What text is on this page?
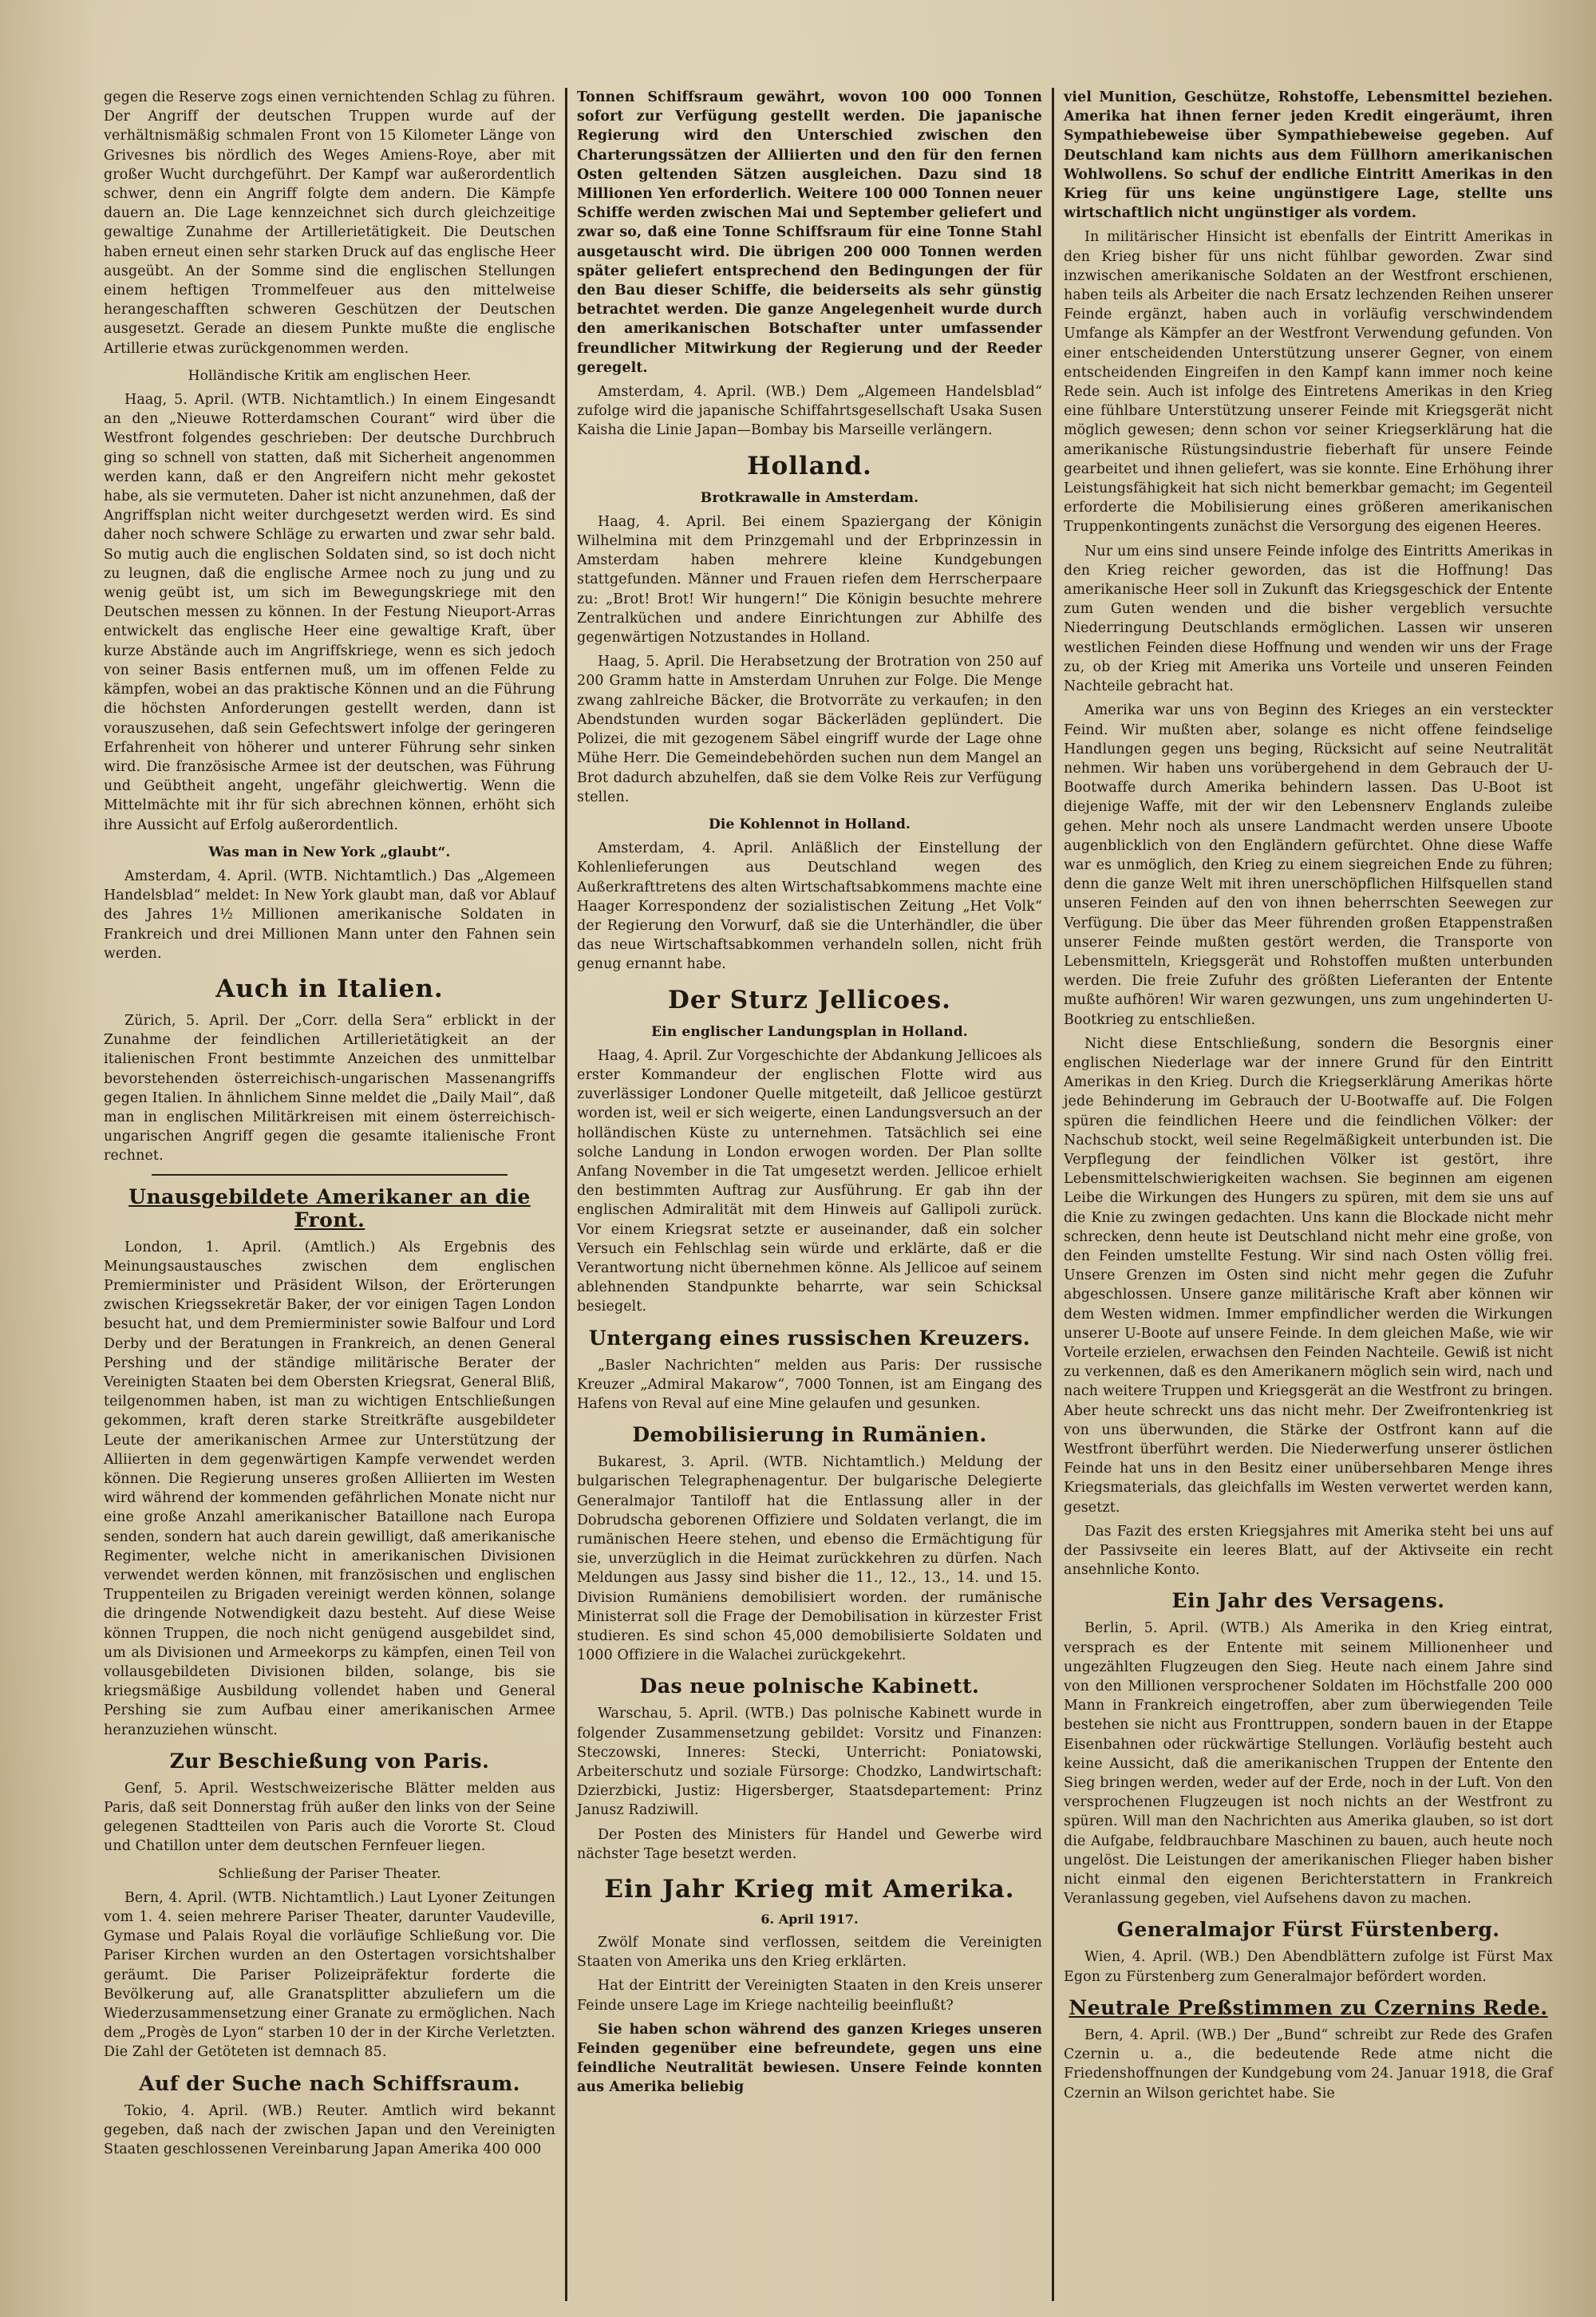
gegen die Reserve zogs einen vernichtenden Schlag zu führen. Der Angriff der deutschen Truppen wurde auf der verhältnismäßig schmalen Front von 15 Kilometer Länge von Grivesnes bis nördlich des Weges Amiens-Roye, aber mit großer Wucht durchgeführt. Der Kampf war außerordentlich schwer, denn ein Angriff folgte dem andern. Die Kämpfe dauern an. Die Lage kennzeichnet sich durch gleichzeitige gewaltige Zunahme der Artillerietätigkeit. Die Deutschen haben erneut einen sehr starken Druck auf das englische Heer ausgeübt. An der Somme sind die englischen Stellungen einem heftigen Trommelfeuer aus den mittelweise herangeschafften schweren Geschützen der Deutschen ausgesetzt. Gerade an diesem Punkte mußte die englische Artillerie etwas zurückgenommen werden.

Holländische Kritik am englischen Heer.

Haag, 5. April. (WTB. Nichtamtlich.) In einem Eingesandt an den „Nieuwe Rotterdamschen Courant“ wird über die Westfront folgendes geschrieben: Der deutsche Durchbruch ging so schnell von statten, daß mit Sicherheit angenommen werden kann, daß er den Angreifern nicht mehr gekostet habe, als sie vermuteten. Daher ist nicht anzunehmen, daß der Angriffsplan nicht weiter durchgesetzt werden wird. Es sind daher noch schwere Schläge zu erwarten und zwar sehr bald. So mutig auch die englischen Soldaten sind, so ist doch nicht zu leugnen, daß die englische Armee noch zu jung und zu wenig geübt ist, um sich im Bewegungskriege mit den Deutschen messen zu können. In der Festung Nieuport-Arras entwickelt das englische Heer eine gewaltige Kraft, über kurze Abstände auch im Angriffskriege, wenn es sich jedoch von seiner Basis entfernen muß, um im offenen Felde zu kämpfen, wobei an das praktische Können und an die Führung die höchsten Anforderungen gestellt werden, dann ist vorauszusehen, daß sein Gefechtswert infolge der geringeren Erfahrenheit von höherer und unterer Führung sehr sinken wird. Die französische Armee ist der deutschen, was Führung und Geübtheit angeht, ungefähr gleichwertig. Wenn die Mittelmächte mit ihr für sich abrechnen können, erhöht sich ihre Aussicht auf Erfolg außerordentlich.

Was man in New York „glaubt“.

Amsterdam, 4. April. (WTB. Nichtamtlich.) Das „Algemeen Handelsblad“ meldet: In New York glaubt man, daß vor Ablauf des Jahres 1½ Millionen amerikanische Soldaten in Frankreich und drei Millionen Mann unter den Fahnen sein werden.

Auch in Italien.

Zürich, 5. April. Der „Corr. della Sera“ erblickt in der Zunahme der feindlichen Artillerietätigkeit an der italienischen Front bestimmte Anzeichen des unmittelbar bevorstehenden österreichisch-ungarischen Massenangriffs gegen Italien. In ähnlichem Sinne meldet die „Daily Mail“, daß man in englischen Militärkreisen mit einem österreichisch-ungarischen Angriff gegen die gesamte italienische Front rechnet.

Unausgebildete Amerikaner an die Front.

London, 1. April. (Amtlich.) Als Ergebnis des Meinungsaustausches zwischen dem englischen Premierminister und Präsident Wilson, der Erörterungen zwischen Kriegssekretär Baker, der vor einigen Tagen London besucht hat, und dem Premierminister sowie Balfour und Lord Derby und der Beratungen in Frankreich, an denen General Pershing und der ständige militärische Berater der Vereinigten Staaten bei dem Obersten Kriegsrat, General Bliß, teilgenommen haben, ist man zu wichtigen Entschließungen gekommen, kraft deren starke Streitkräfte ausgebildeter Leute der amerikanischen Armee zur Unterstützung der Alliierten in dem gegenwärtigen Kampfe verwendet werden können. Die Regierung unseres großen Alliierten im Westen wird während der kommenden gefährlichen Monate nicht nur eine große Anzahl amerikanischer Bataillone nach Europa senden, sondern hat auch darein gewilligt, daß amerikanische Regimenter, welche nicht in amerikanischen Divisionen verwendet werden können, mit französischen und englischen Truppenteilen zu Brigaden vereinigt werden können, solange die dringende Notwendigkeit dazu besteht. Auf diese Weise können Truppen, die noch nicht genügend ausgebildet sind, um als Divisionen und Armeekorps zu kämpfen, einen Teil von vollausgebildeten Divisionen bilden, solange, bis sie kriegsmäßige Ausbildung vollendet haben und General Pershing sie zum Aufbau einer amerikanischen Armee heranzuziehen wünscht.

Zur Beschießung von Paris.

Genf, 5. April. Westschweizerische Blätter melden aus Paris, daß seit Donnerstag früh außer den links von der Seine gelegenen Stadtteilen von Paris auch die Vororte St. Cloud und Chatillon unter dem deutschen Fernfeuer liegen.

Schließung der Pariser Theater.

Bern, 4. April. (WTB. Nichtamtlich.) Laut Lyoner Zeitungen vom 1. 4. seien mehrere Pariser Theater, darunter Vaudeville, Gymase und Palais Royal die vorläufige Schließung vor. Die Pariser Kirchen wurden an den Ostertagen vorsichtshalber geräumt. Die Pariser Polizeipräfektur forderte die Bevölkerung auf, alle Granatsplitter abzuliefern um die Wiederzusammensetzung einer Granate zu ermöglichen. Nach dem „Progès de Lyon“ starben 10 der in der Kirche Verletzten. Die Zahl der Getöteten ist demnach 85.

Auf der Suche nach Schiffsraum.

Tokio, 4. April. (WB.) Reuter. Amtlich wird bekannt gegeben, daß nach der zwischen Japan und den Vereinigten Staaten geschlossenen Vereinbarung Japan Amerika 400 000

Tonnen Schiffsraum gewährt, wovon 100 000 Tonnen sofort zur Verfügung gestellt werden. Die japanische Regierung wird den Unterschied zwischen den Charterungssätzen der Alliierten und den für den fernen Osten geltenden Sätzen ausgleichen. Dazu sind 18 Millionen Yen erforderlich. Weitere 100 000 Tonnen neuer Schiffe werden zwischen Mai und September geliefert und zwar so, daß eine Tonne Schiffsraum für eine Tonne Stahl ausgetauscht wird. Die übrigen 200 000 Tonnen werden später geliefert entsprechend den Bedingungen der für den Bau dieser Schiffe, die beiderseits als sehr günstig betrachtet werden. Die ganze Angelegenheit wurde durch den amerikanischen Botschafter unter umfassender freundlicher Mitwirkung der Regierung und der Reeder geregelt.

Amsterdam, 4. April. (WB.) Dem „Algemeen Handelsblad“ zufolge wird die japanische Schiffahrtsgesellschaft Usaka Susen Kaisha die Linie Japan—Bombay bis Marseille verlängern.

Holland.

Brotkrawalle in Amsterdam.

Haag, 4. April. Bei einem Spaziergang der Königin Wilhelmina mit dem Prinzgemahl und der Erbprinzessin in Amsterdam haben mehrere kleine Kundgebungen stattgefunden. Männer und Frauen riefen dem Herrscherpaare zu: „Brot! Brot! Wir hungern!“ Die Königin besuchte mehrere Zentralküchen und andere Einrichtungen zur Abhilfe des gegenwärtigen Notzustandes in Holland.

Haag, 5. April. Die Herabsetzung der Brotration von 250 auf 200 Gramm hatte in Amsterdam Unruhen zur Folge. Die Menge zwang zahlreiche Bäcker, die Brotvorräte zu verkaufen; in den Abendstunden wurden sogar Bäckerläden geplündert. Die Polizei, die mit gezogenem Säbel eingriff wurde der Lage ohne Mühe Herr. Die Gemeindebehörden suchen nun dem Mangel an Brot dadurch abzuhelfen, daß sie dem Volke Reis zur Verfügung stellen.

Die Kohlennot in Holland.

Amsterdam, 4. April. Anläßlich der Einstellung der Kohlenlieferungen aus Deutschland wegen des Außerkrafttretens des alten Wirtschaftsabkommens machte eine Haager Korrespondenz der sozialistischen Zeitung „Het Volk“ der Regierung den Vorwurf, daß sie die Unterhändler, die über das neue Wirtschaftsabkommen verhandeln sollen, nicht früh genug ernannt habe.

Der Sturz Jellicoes.

Ein englischer Landungsplan in Holland.

Haag, 4. April. Zur Vorgeschichte der Abdankung Jellicoes als erster Kommandeur der englischen Flotte wird aus zuverlässiger Londoner Quelle mitgeteilt, daß Jellicoe gestürzt worden ist, weil er sich weigerte, einen Landungsversuch an der holländischen Küste zu unternehmen. Tatsächlich sei eine solche Landung in London erwogen worden. Der Plan sollte Anfang November in die Tat umgesetzt werden. Jellicoe erhielt den bestimmten Auftrag zur Ausführung. Er gab ihn der englischen Admiralität mit dem Hinweis auf Gallipoli zurück. Vor einem Kriegsrat setzte er auseinander, daß ein solcher Versuch ein Fehlschlag sein würde und erklärte, daß er die Verantwortung nicht übernehmen könne. Als Jellicoe auf seinem ablehnenden Standpunkte beharrte, war sein Schicksal besiegelt.

Untergang eines russischen Kreuzers.

„Basler Nachrichten“ melden aus Paris: Der russische Kreuzer „Admiral Makarow“, 7000 Tonnen, ist am Eingang des Hafens von Reval auf eine Mine gelaufen und gesunken.

Demobilisierung in Rumänien.

Bukarest, 3. April. (WTB. Nichtamtlich.) Meldung der bulgarischen Telegraphenagentur. Der bulgarische Delegierte Generalmajor Tantiloff hat die Entlassung aller in der Dobrudscha geborenen Offiziere und Soldaten verlangt, die im rumänischen Heere stehen, und ebenso die Ermächtigung für sie, unverzüglich in die Heimat zurückkehren zu dürfen. Nach Meldungen aus Jassy sind bisher die 11., 12., 13., 14. und 15. Division Rumäniens demobilisiert worden. der rumänische Ministerrat soll die Frage der Demobilisation in kürzester Frist studieren. Es sind schon 45,000 demobilisierte Soldaten und 1000 Offiziere in die Walachei zurückgekehrt.

Das neue polnische Kabinett.

Warschau, 5. April. (WTB.) Das polnische Kabinett wurde in folgender Zusammensetzung gebildet: Vorsitz und Finanzen: Steczowski, Inneres: Stecki, Unterricht: Poniatowski, Arbeiterschutz und soziale Fürsorge: Chodzko, Landwirtschaft: Dzierzbicki, Justiz: Higersberger, Staatsdepartement: Prinz Janusz Radziwill.

Der Posten des Ministers für Handel und Gewerbe wird nächster Tage besetzt werden.

Ein Jahr Krieg mit Amerika.
6. April 1917.

Zwölf Monate sind verflossen, seitdem die Vereinigten Staaten von Amerika uns den Krieg erklärten.

Hat der Eintritt der Vereinigten Staaten in den Kreis unserer Feinde unsere Lage im Kriege nachteilig beeinflußt?

Sie haben schon während des ganzen Krieges unseren Feinden gegenüber eine befreundete, gegen uns eine feindliche Neutralität bewiesen. Unsere Feinde konnten aus Amerika beliebig

viel Munition, Geschütze, Rohstoffe, Lebensmittel beziehen. Amerika hat ihnen ferner jeden Kredit eingeräumt, ihren Sympathiebeweise über Sympathiebeweise gegeben. Auf Deutschland kam nichts aus dem Füllhorn amerikanischen Wohlwollens. So schuf der endliche Eintritt Amerikas in den Krieg für uns keine ungünstigere Lage, stellte uns wirtschaftlich nicht ungünstiger als vordem.

In militärischer Hinsicht ist ebenfalls der Eintritt Amerikas in den Krieg bisher für uns nicht fühlbar geworden. Zwar sind inzwischen amerikanische Soldaten an der Westfront erschienen, haben teils als Arbeiter die nach Ersatz lechzenden Reihen unserer Feinde ergänzt, haben auch in vorläufig verschwindendem Umfange als Kämpfer an der Westfront Verwendung gefunden. Von einer entscheidenden Unterstützung unserer Gegner, von einem entscheidenden Eingreifen in den Kampf kann immer noch keine Rede sein. Auch ist infolge des Eintretens Amerikas in den Krieg eine fühlbare Unterstützung unserer Feinde mit Kriegsgerät nicht möglich gewesen; denn schon vor seiner Kriegserklärung hat die amerikanische Rüstungsindustrie fieberhaft für unsere Feinde gearbeitet und ihnen geliefert, was sie konnte. Eine Erhöhung ihrer Leistungsfähigkeit hat sich nicht bemerkbar gemacht; im Gegenteil erforderte die Mobilisierung eines größeren amerikanischen Truppenkontingents zunächst die Versorgung des eigenen Heeres.

Nur um eins sind unsere Feinde infolge des Eintritts Amerikas in den Krieg reicher geworden, das ist die Hoffnung! Das amerikanische Heer soll in Zukunft das Kriegsgeschick der Entente zum Guten wenden und die bisher vergeblich versuchte Niederringung Deutschlands ermöglichen. Lassen wir unseren westlichen Feinden diese Hoffnung und wenden wir uns der Frage zu, ob der Krieg mit Amerika uns Vorteile und unseren Feinden Nachteile gebracht hat.

Amerika war uns von Beginn des Krieges an ein versteckter Feind. Wir mußten aber, solange es nicht offene feindselige Handlungen gegen uns beging, Rücksicht auf seine Neutralität nehmen. Wir haben uns vorübergehend in dem Gebrauch der U-Bootwaffe durch Amerika behindern lassen. Das U-Boot ist diejenige Waffe, mit der wir den Lebensnerv Englands zuleibe gehen. Mehr noch als unsere Landmacht werden unsere Uboote augenblicklich von den Engländern gefürchtet. Ohne diese Waffe war es unmöglich, den Krieg zu einem siegreichen Ende zu führen; denn die ganze Welt mit ihren unerschöpflichen Hilfsquellen stand unseren Feinden auf den von ihnen beherrschten Seewegen zur Verfügung. Die über das Meer führenden großen Etappenstraßen unserer Feinde mußten gestört werden, die Transporte von Lebensmitteln, Kriegsgerät und Rohstoffen mußten unterbunden werden. Die freie Zufuhr des größten Lieferanten der Entente mußte aufhören! Wir waren gezwungen, uns zum ungehinderten U-Bootkrieg zu entschließen.

Nicht diese Entschließung, sondern die Besorgnis einer englischen Niederlage war der innere Grund für den Eintritt Amerikas in den Krieg. Durch die Kriegserklärung Amerikas hörte jede Behinderung im Gebrauch der U-Bootwaffe auf. Die Folgen spüren die feindlichen Heere und die feindlichen Völker: der Nachschub stockt, weil seine Regelmäßigkeit unterbunden ist. Die Verpflegung der feindlichen Völker ist gestört, ihre Lebensmittelschwierigkeiten wachsen. Sie beginnen am eigenen Leibe die Wirkungen des Hungers zu spüren, mit dem sie uns auf die Knie zu zwingen gedachten. Uns kann die Blockade nicht mehr schrecken, denn heute ist Deutschland nicht mehr eine große, von den Feinden umstellte Festung. Wir sind nach Osten völlig frei. Unsere Grenzen im Osten sind nicht mehr gegen die Zufuhr abgeschlossen. Unsere ganze militärische Kraft aber können wir dem Westen widmen. Immer empfindlicher werden die Wirkungen unserer U-Boote auf unsere Feinde. In dem gleichen Maße, wie wir Vorteile erzielen, erwachsen den Feinden Nachteile. Gewiß ist nicht zu verkennen, daß es den Amerikanern möglich sein wird, nach und nach weitere Truppen und Kriegsgerät an die Westfront zu bringen. Aber heute schreckt uns das nicht mehr. Der Zweifrontenkrieg ist von uns überwunden, die Stärke der Ostfront kann auf die Westfront überführt werden. Die Niederwerfung unserer östlichen Feinde hat uns in den Besitz einer unübersehbaren Menge ihres Kriegsmaterials, das gleichfalls im Westen verwertet werden kann, gesetzt.

Das Fazit des ersten Kriegsjahres mit Amerika steht bei uns auf der Passivseite ein leeres Blatt, auf der Aktivseite ein recht ansehnliche Konto.

Ein Jahr des Versagens.

Berlin, 5. April. (WTB.) Als Amerika in den Krieg eintrat, versprach es der Entente mit seinem Millionenheer und ungezählten Flugzeugen den Sieg. Heute nach einem Jahre sind von den Millionen versprochener Soldaten im Höchstfalle 200 000 Mann in Frankreich eingetroffen, aber zum überwiegenden Teile bestehen sie nicht aus Fronttruppen, sondern bauen in der Etappe Eisenbahnen oder rückwärtige Stellungen. Vorläufig besteht auch keine Aussicht, daß die amerikanischen Truppen der Entente den Sieg bringen werden, weder auf der Erde, noch in der Luft. Von den versprochenen Flugzeugen ist noch nichts an der Westfront zu spüren. Will man den Nachrichten aus Amerika glauben, so ist dort die Aufgabe, feldbrauchbare Maschinen zu bauen, auch heute noch ungelöst. Die Leistungen der amerikanischen Flieger haben bisher nicht einmal den eigenen Berichterstattern in Frankreich Veranlassung gegeben, viel Aufsehens davon zu machen.

Generalmajor Fürst Fürstenberg.

Wien, 4. April. (WB.) Den Abendblättern zufolge ist Fürst Max Egon zu Fürstenberg zum Generalmajor befördert worden.

Neutrale Preßstimmen zu Czernins Rede.

Bern, 4. April. (WB.) Der „Bund“ schreibt zur Rede des Grafen Czernin u. a., die bedeutende Rede atme nicht die Friedenshoffnungen der Kundgebung vom 24. Januar 1918, die Graf Czernin an Wilson gerichtet habe. Sie
